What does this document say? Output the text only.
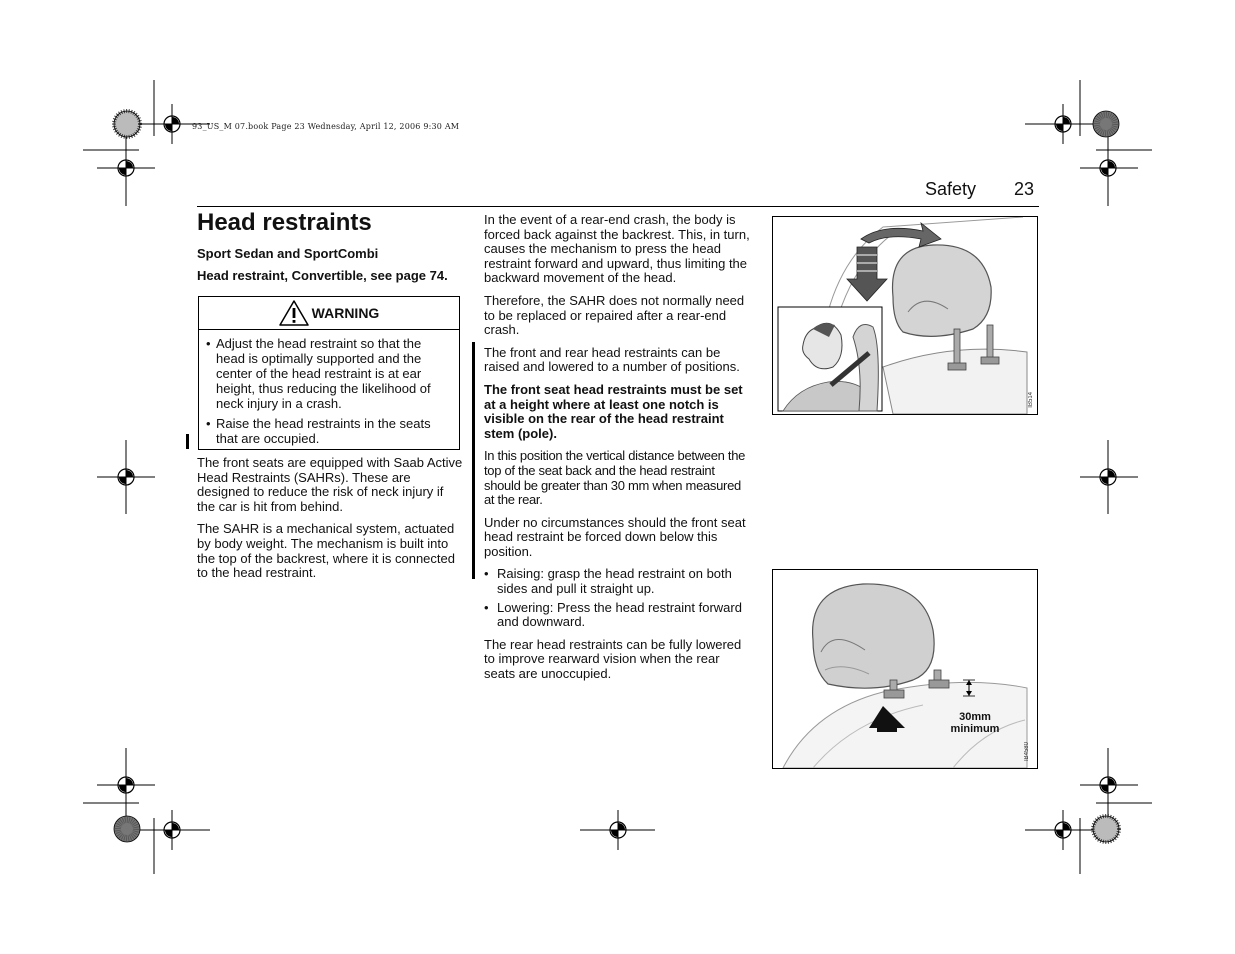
93_US_M 07.book Page 23 Wednesday, April 12, 2006 9:30 AM
Safety 23
Head restraints
Sport Sedan and SportCombi
Head restraint, Convertible, see page 74.
WARNING
• Adjust the head restraint so that the head is optimally supported and the center of the head restraint is at ear height, thus reducing the likelihood of neck injury in a crash.
• Raise the head restraints in the seats that are occupied.

The front seats are equipped with Saab Active Head Restraints (SAHRs). These are designed to reduce the risk of neck injury if the car is hit from behind.

The SAHR is a mechanical system, actuated by body weight. The mechanism is built into the top of the backrest, where it is connected to the head restraint.

In the event of a rear-end crash, the body is forced back against the backrest. This, in turn, causes the mechanism to press the head restraint forward and upward, thus limiting the backward movement of the head.

Therefore, the SAHR does not normally need to be replaced or repaired after a rear-end crash.

The front and rear head restraints can be raised and lowered to a number of positions.

The front seat head restraints must be set at a height where at least one notch is visible on the rear of the head restraint stem (pole).

In this position the vertical distance between the top of the seat back and the head restraint should be greater than 30 mm when measured at the rear.

Under no circumstances should the front seat head restraint be forced down below this position.

• Raising: grasp the head restraint on both sides and pull it straight up.
• Lowering: Press the head restraint forward and downward.

The rear head restraints can be fully lowered to improve rearward vision when the rear seats are unoccupied.

IB514
30mm
minimum
IB4580
